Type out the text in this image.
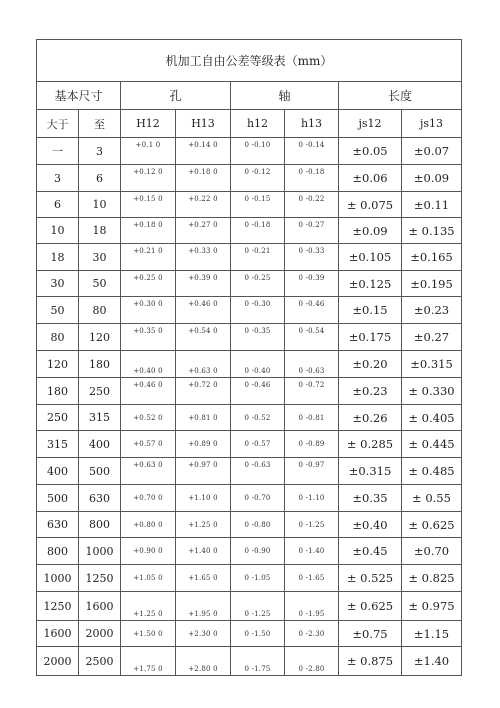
机加工自由公差等级表（mm）							
基本尺寸		孔		轴		长度	
大于	至	H12	H13	h12	h13	js12	js13
一	3	+0.1 0	+0.14 0	0 -0.10	0 -0.14	±0.05	±0.07
3	6	+0.12 0	+0.18 0	0 -0.12	0 -0.18	±0.06	±0.09
6	10	+0.15 0	+0.22 0	0 -0.15	0 -0.22	± 0.075	±0.11
10	18	+0.18 0	+0.27 0	0 -0.18	0 -0.27	±0.09	± 0.135
18	30	+0.21 0	+0.33 0	0 -0.21	0 -0.33	±0.105	±0.165
30	50	+0.25 0	+0.39 0	0 -0.25	0 -0.39	±0.125	±0.195
50	80	+0.30 0	+0.46 0	0 -0.30	0 -0.46	±0.15	±0.23
80	120	+0.35 0	+0.54 0	0 -0.35	0 -0.54	±0.175	±0.27
120	180	+0.40 0	+0.63 0	0 -0.40	0 -0.63	±0.20	±0.315
180	250	+0.46 0	+0.72 0	0 -0.46	0 -0.72	±0.23	± 0.330
250	315	+0.52 0	+0.81 0	0 -0.52	0 -0.81	±0.26	± 0.405
315	400	+0.57 0	+0.89 0	0 -0.57	0 -0.89	± 0.285	± 0.445
400	500	+0.63 0	+0.97 0	0 -0.63	0 -0.97	±0.315	± 0.485
500	630	+0.70 0	+1.10 0	0 -0.70	0 -1.10	±0.35	± 0.55
630	800	+0.80 0	+1.25 0	0 -0.80	0 -1.25	±0.40	± 0.625
800	1000	+0.90 0	+1.40 0	0 -0.90	0 -1.40	±0.45	±0.70
1000	1250	+1.05 0	+1.65 0	0 -1.05	0 -1.65	± 0.525	± 0.825
1250	1600	+1.25 0	+1.95 0	0 -1.25	0 -1.95	± 0.625	± 0.975
1600	2000	+1.50 0	+2.30 0	0 -1.50	0 -2.30	±0.75	±1.15
2000	2500	+1.75 0	+2.80 0	0 -1.75	0 -2.80	± 0.875	±1.40
